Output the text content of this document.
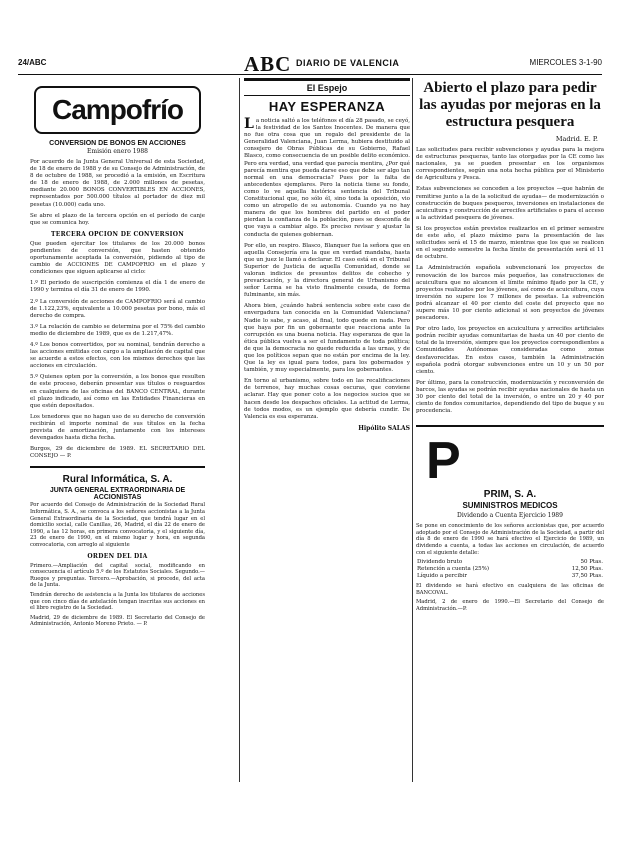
24/ABC	ABC DIARIO DE VALENCIA	MIERCOLES 3-1-90
Campofrío
CONVERSION DE BONOS EN ACCIONES
Emisión enero 1988

Por acuerdo de la Junta General Universal de esta Sociedad, de 18 de enero de 1988 y de su Consejo de Administración, de 8 de octubre de 1988, se procedió a la emisión, en Escritura de 18 de enero de 1988, de 2.000 millones de pesetas, mediante 20.000 BONOS CONVERTIBLES EN ACCIONES, representados por 500.000 títulos al portador de diez mil pesetas (10.000) cada uno.

Se abre el plazo de la tercera opción en el período de canje que se comunica hoy.

TERCERA OPCION DE CONVERSION

Que pueden ejercitar los titulares de los 20.000 bonos pendientes de conversión, que hasten obtenido oportunamente aceptada la conversión, pidiendo al tipo de cambio de ACCIONES DE CAMPOFRIO en el plazo y condiciones que siguen aplicarse al ciclo:

1.º El periodo de suscripción comienza el día 1 de enero de 1990 y termina el día 31 de enero de 1990.

2.º La conversión de acciones de CAMPOFRIO será al cambio de 1.122,23%, equivalente a 10.000 pesetas por bono, más el derecho de compra.

3.º La relación de cambio se determina por el 75% del cambio medio de diciembre de 1989, que es de 1.217,47%.

4.º Los bonos convertidos, por su nominal, tendrán derecho a las acciones emitidas con cargo a la ampliación de capital que se acuerde a estos efectos, con los mismos derechos que las acciones en circulación.

5.º Quienes opten por la conversión, a los bonos que resulten de este proceso, deberán presentar sus títulos o resguardos en cualquiera de las oficinas del BANCO CENTRAL, durante el plazo indicado, así como en las Entidades Financieras en que estén depositados.

Los tenedores que no hagan uso de su derecho de conversión recibirán el importe nominal de sus títulos en la fecha prevista de amortización, juntamente con los intereses devengados hasta dicha fecha.

Burgos, 29 de diciembre de 1989. EL SECRETARIO DEL CONSEJO — P.

Rural Informática, S. A.
JUNTA GENERAL EXTRAORDINARIA DE ACCIONISTAS

Por acuerdo del Consejo de Administración de la Sociedad Rural Informática, S. A., se convoca a los señores accionistas a la Junta General Extraordinaria de la Sociedad, que tendrá lugar en el domicilio social, calle Canillas, 26, Madrid, el día 22 de enero de 1990, a las 12 horas, en primera convocatoria, y el siguiente día, 23 de enero de 1990, en el mismo lugar y hora, en segunda convocatoria, con arreglo al siguiente

ORDEN DEL DIA

Primero.—Ampliación del capital social, modificando en consecuencia el artículo 5.º de los Estatutos Sociales. Segundo.—Ruegos y preguntas. Tercero.—Aprobación, si procede, del acta de la Junta.

Tendrán derecho de asistencia a la Junta los titulares de acciones que con cinco días de antelación tengan inscritas sus acciones en el libro registro de la Sociedad.

Madrid, 29 de diciembre de 1989. El Secretario del Consejo de Administración, Antonio Moreno Prieto. — P.

El Espejo
HAY ESPERANZA

La noticia saltó a los teléfonos el día 28 pasado, se ceyó, la festividad de los Santos Inocentes. De manera que no fue otra cosa que un regalo del presidente de la Generalidad Valenciana, Juan Lerma, hubiera destituido al consejero de Obras Públicas de su Gobierno, Rafael Blasco, como consecuencia de un posible delito económico. Pero era verdad, una verdad que parecía mentira, ¿Por qué parecía mentira que pueda darse eso que debe ser algo tan normal en una democracia? Pues por la falta de antecedentes ejemplares. Pero la noticia tiene su fondo, como lo ve aquella histórica sentencia del Tribunal Constitucional que, no sólo él, sino toda la oposición, vio como un atropello de su autonomía. Cuando ya no hay manera de que los hombres del partido en el poder pierdan la confianza de la población, pues se desconfía de que vaya a cambiar algo. Es preciso revisar y ajustar la conducta de quienes gobiernan.

Por ello, un respiro. Blasco, Blanquer fue la señora que en aquella Consejería era la que en verdad mandaba, hasta que un juez le llamó a declarar. El caso está en el Tribunal Superior de Justicia de aquella Comunidad, donde se valoran indicios de presuntos delitos de cohecho y prevaricación, y la directora general de Urbanismo del señor Lerma se ha visto finalmente cesada, de forma fulminante, sin más.

Ahora bien, ¿cuándo habrá sentencia sobre este caso de envergadura tan conocida en la Comunidad Valenciana? Nadie lo sabe, y acaso, al final, todo quede en nada. Pero que haya por fin un gobernante que reacciona ante la corrupción es una buena noticia. Hay esperanza de que la ética pública vuelva a ser el fundamento de toda política; de que la democracia no quede reducida a las urnas, y de que los políticos sepan que no están por encima de la ley. Que la ley es igual para todos, para los gobernados y también, y muy especialmente, para los gobernantes.

En torno al urbanismo, sobre todo en las recalificaciones de terrenos, hay muchas cosas oscuras, que conviene aclarar. Hay que poner coto a los negocios sucios que se hacen desde los despachos oficiales. La actitud de Lerma, de todos modos, es un ejemplo que debería cundir. De Valencia es esa esperanza.

Hipólito SALAS
Abierto el plazo para pedir las ayudas por mejoras en la estructura pesquera
Madrid. E. P.

Las solicitudes para recibir subvenciones y ayudas para la mejora de estructuras pesqueras, tanto las otorgadas por la CE como las nacionales, ya se pueden presentar en los organismos correspondientes, según una nota hecha pública por el Ministerio de Agricultura y Pesca.

Estas subvenciones se conceden a los proyectos —que habrán de remitirse junto a la de la solicitud de ayudas— de modernización o construcción de buques pesqueros, inversiones en instalaciones de acuicultura y construcción de arrecifes artificiales o para el acceso a la actividad pesquera de jóvenes.

Si los proyectos están previstos realizarlos en el primer semestre de este año, el plazo máximo para la presentación de las solicitudes será el 15 de marzo, mientras que los que se realicen en el segundo semestre la fecha límite de presentación será el 11 de octubre.

La Administración española subvencionará los proyectos de renovación de los barcos más pequeños, las construcciones de acuicultura que no alcancen el límite mínimo fijado por la CE, y proyectos realizados por los jóvenes, así como de acuicultura, cuya inversión no supere los 7 millones de pesetas. La subvención podrá alcanzar el 40 por ciento del coste del proyecto que no supere más 10 por ciento adicional si son proyectos de jóvenes pescadores.

Por otro lado, los proyectos en acuicultura y arrecifes artificiales podrán recibir ayudas comunitarias de hasta un 40 por ciento de total de la inversión, siempre que los proyectos correspondientes a Comunidades Autónomas consideradas como zonas desfavorecidas. En estos casos, también la Administración española podrá otorgar subvenciones entre un 10 y un 50 por ciento.

Por último, para la construcción, modernización y reconversión de barcos, las ayudas se podrán recibir ayudas nacionales de hasta un 30 por ciento del total de la inversión, o entre un 20 y 40 por ciento de fondos comunitarios, dependiendo del tipo de buque y su procedencia.

P
PRIM, S. A.
SUMINISTROS MEDICOS
Dividendo a Cuenta Ejercicio 1989

Se pone en conocimiento de los señores accionistas que, por acuerdo adoptado por el Consejo de Administración de la Sociedad, a partir del día 8 de enero de 1990 se hará efectivo el Ejercicio de 1989, un dividendo a cuenta, a todas las acciones en circulación, de acuerdo con el siguiente detalle:

Dividendo bruto	50 Ptas.
Retención a cuenta (25%)	12,50 Ptas.
Líquido a percibir	37,50 Ptas.

El dividendo se hará efectivo en cualquiera de las oficinas de BANCOVAL.

Madrid, 2 de enero de 1990.—El Secretario del Consejo de Administración.—P.
